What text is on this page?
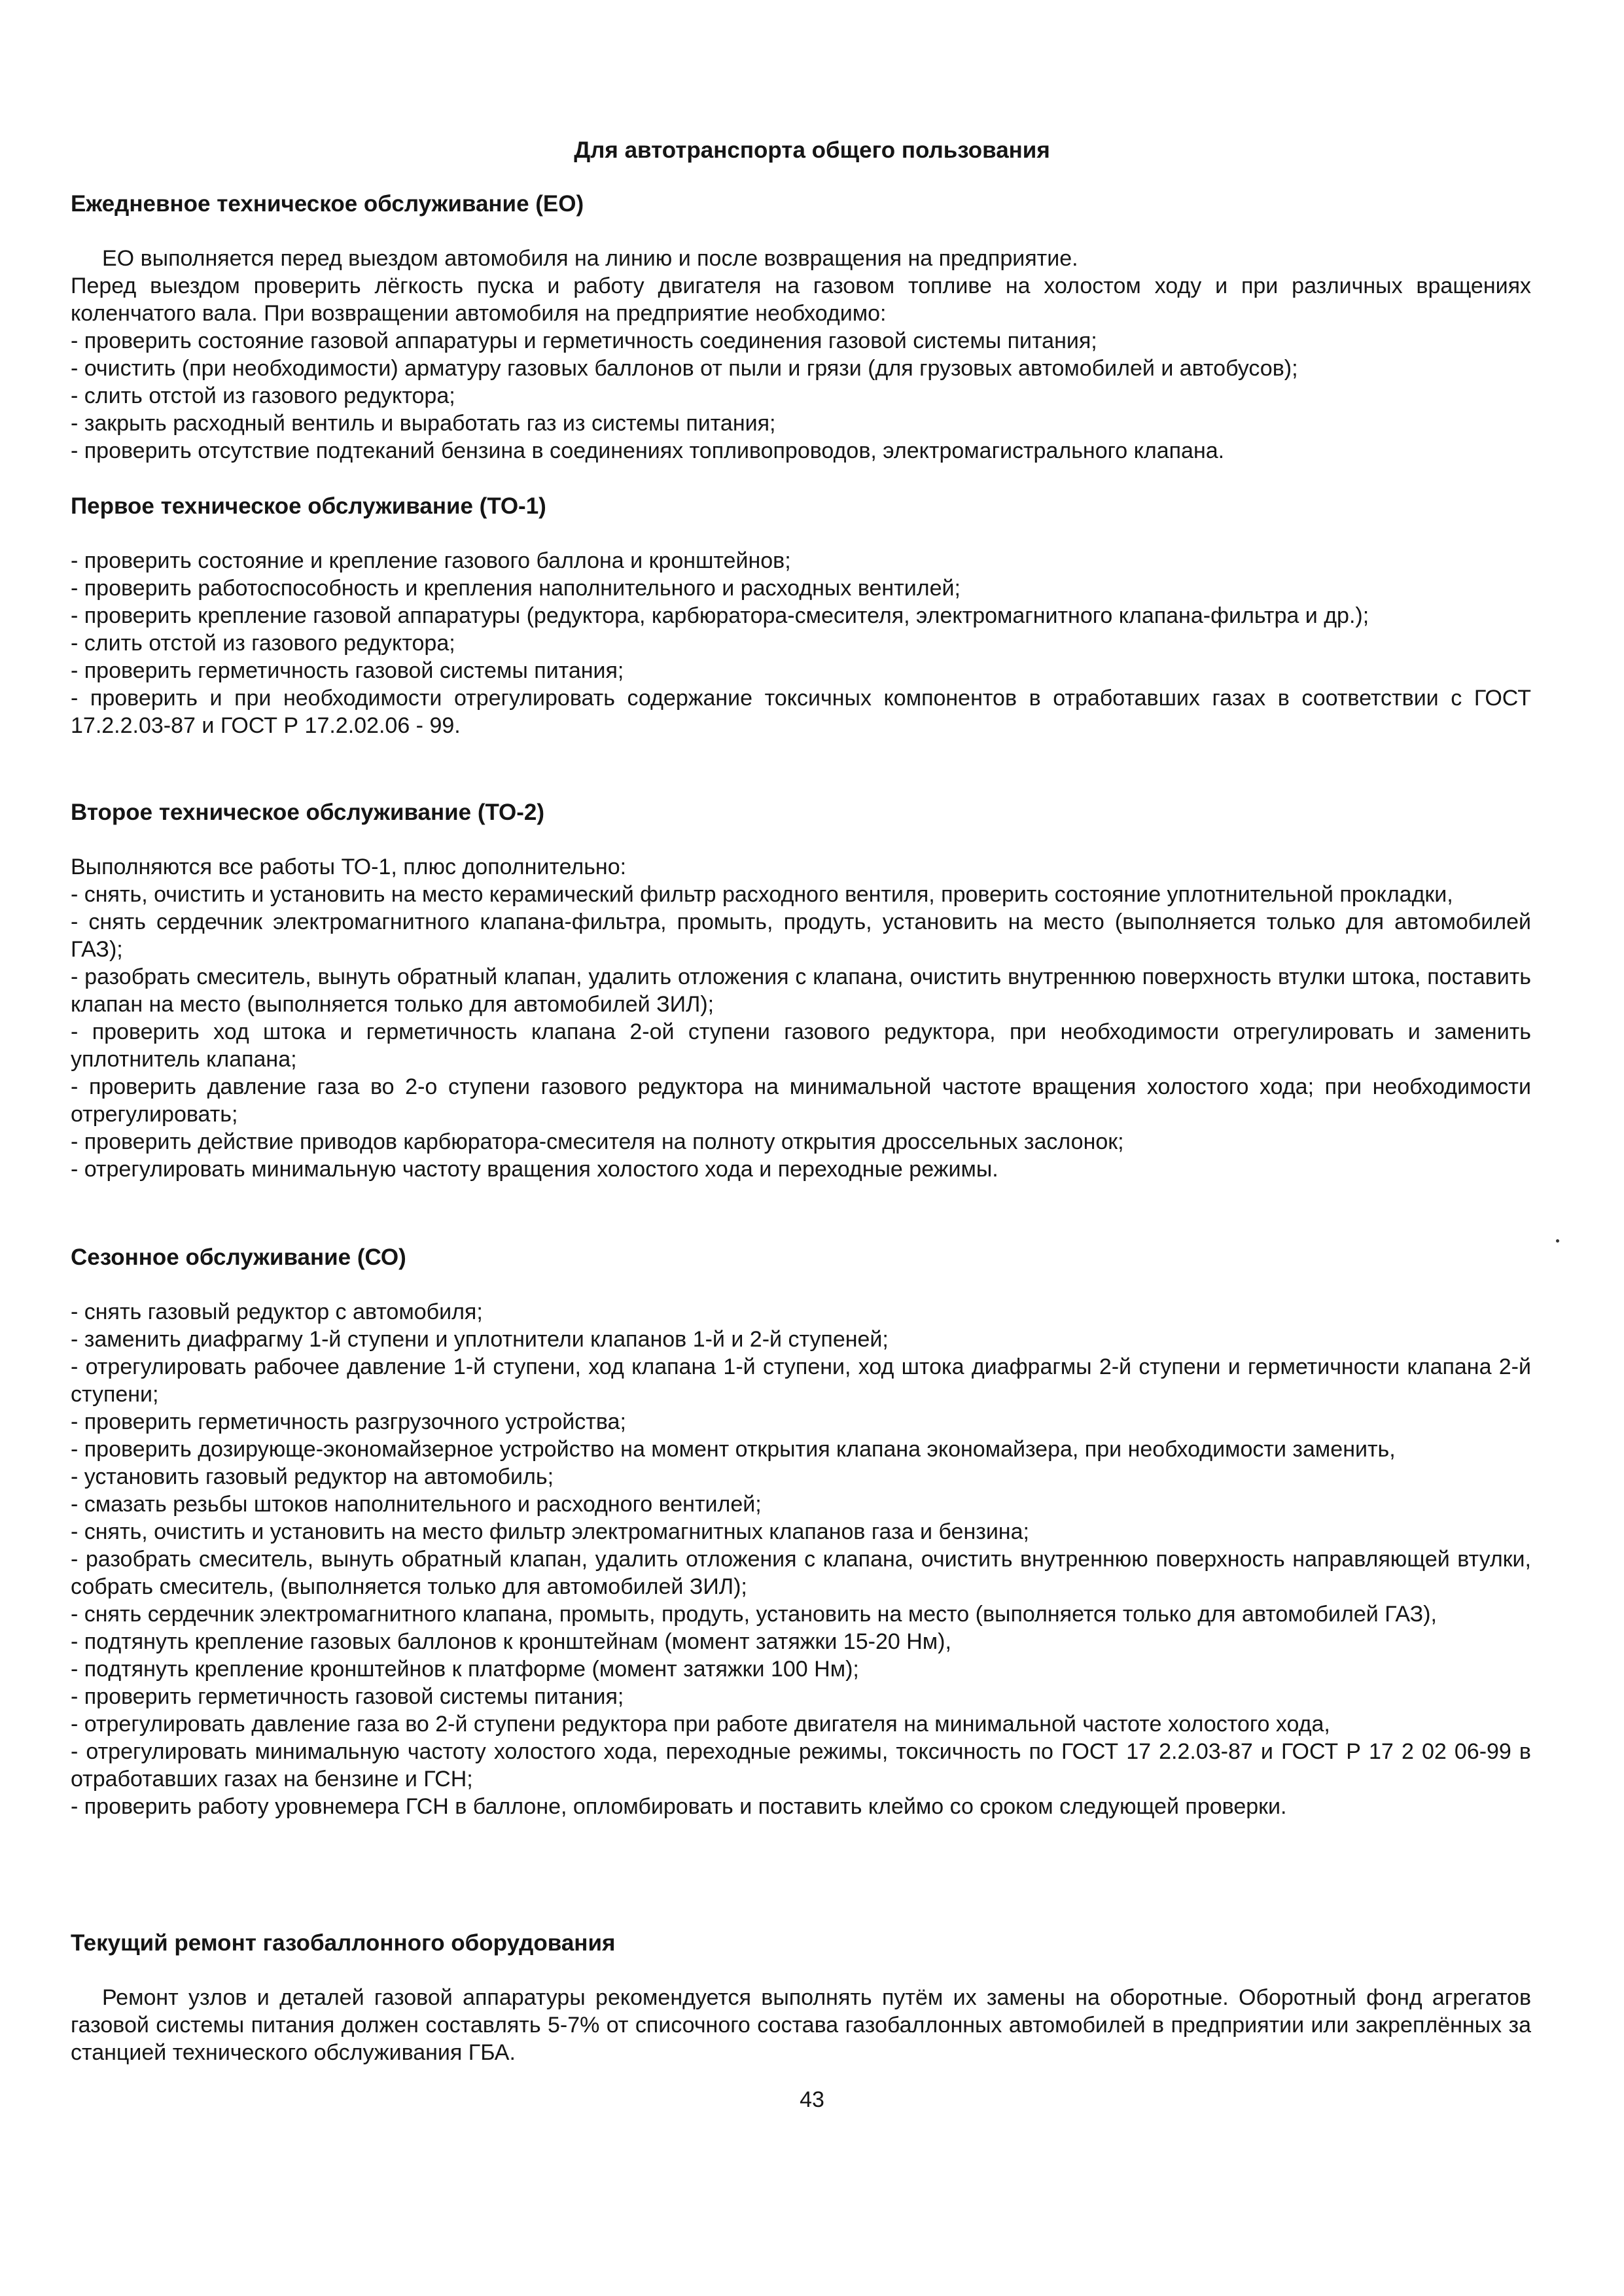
Для автотранспорта общего пользования
Ежедневное техническое обслуживание (ЕО)

ЕО выполняется перед выездом автомобиля на линию и после возвращения на предприятие.

Перед выездом проверить лёгкость пуска и работу двигателя на газовом топливе на холостом ходу и при различных вращениях коленчатого вала. При возвращении автомобиля на предприятие необходимо:

- проверить состояние газовой аппаратуры и герметичность соединения газовой системы питания;
- очистить (при необходимости) арматуру газовых баллонов от пыли и грязи (для грузовых автомобилей и автобусов);
- слить отстой из газового редуктора;
- закрыть расходный вентиль и выработать газ из системы питания;
- проверить отсутствие подтеканий бензина в соединениях топливопроводов, электромагистрального клапана.
Первое техническое обслуживание (ТО-1)
- проверить состояние и крепление газового баллона и кронштейнов;
- проверить работоспособность и крепления наполнительного и расходных вентилей;
- проверить крепление газовой аппаратуры (редуктора, карбюратора-смесителя, электромагнитного клапана-фильтра и др.);
- слить отстой из газового редуктора;
- проверить герметичность газовой системы питания;
- проверить и при необходимости отрегулировать содержание токсичных компонентов в отработавших газах в соответствии с ГОСТ 17.2.2.03-87 и ГОСТ Р 17.2.02.06 - 99.
Второе техническое обслуживание (ТО-2)

Выполняются все работы ТО-1, плюс дополнительно:

- снять, очистить и установить на место керамический фильтр расходного вентиля, проверить состояние уплотнительной прокладки,
- снять сердечник электромагнитного клапана-фильтра, промыть, продуть, установить на место (выполняется только для автомобилей ГАЗ);
- разобрать смеситель, вынуть обратный клапан, удалить отложения с клапана, очистить внутреннюю поверхность втулки штока, поставить клапан на место (выполняется только для автомобилей ЗИЛ);
- проверить ход штока и герметичность клапана 2-ой ступени газового редуктора, при необходимости отрегулировать и заменить уплотнитель клапана;
- проверить давление газа во 2-о ступени газового редуктора на минимальной частоте вращения холостого хода; при необходимости отрегулировать;
- проверить действие приводов карбюратора-смесителя на полноту открытия дроссельных заслонок;
- отрегулировать минимальную частоту вращения холостого хода и переходные режимы.
Сезонное обслуживание (СО)
- снять газовый редуктор с автомобиля;
- заменить диафрагму 1-й ступени и уплотнители клапанов 1-й и 2-й ступеней;
- отрегулировать рабочее давление 1-й ступени, ход клапана 1-й ступени, ход штока диафрагмы 2-й ступени и герметичности клапана 2-й ступени;
- проверить герметичность разгрузочного устройства;
- проверить дозирующе-экономайзерное устройство на момент открытия клапана экономайзера, при необходимости заменить,
- установить газовый редуктор на автомобиль;
- смазать резьбы штоков наполнительного и расходного вентилей;
- снять, очистить и установить на место фильтр электромагнитных клапанов газа и бензина;
- разобрать смеситель, вынуть обратный клапан, удалить отложения с клапана, очистить внутреннюю поверхность направляющей втулки, собрать смеситель, (выполняется только для автомобилей ЗИЛ);
- снять сердечник электромагнитного клапана, промыть, продуть, установить на место (выполняется только для автомобилей ГАЗ),
- подтянуть крепление газовых баллонов к кронштейнам (момент затяжки 15-20 Нм),
- подтянуть крепление кронштейнов к платформе (момент затяжки 100 Нм);
- проверить герметичность газовой системы питания;
- отрегулировать давление газа во 2-й ступени редуктора при работе двигателя на минимальной частоте холостого хода,
- отрегулировать минимальную частоту холостого хода, переходные режимы, токсичность по ГОСТ 17 2.2.03-87 и ГОСТ Р 17 2 02 06-99 в отработавших газах на бензине и ГСН;
- проверить работу уровнемера ГСН в баллоне, опломбировать и поставить клеймо со сроком следующей проверки.
Текущий ремонт газобаллонного оборудования

Ремонт узлов и деталей газовой аппаратуры рекомендуется выполнять путём их замены на оборотные. Оборотный фонд агрегатов газовой системы питания должен составлять 5-7% от списочного состава газобаллонных автомобилей в предприятии или закреплённых за станцией технического обслуживания ГБА.

43
